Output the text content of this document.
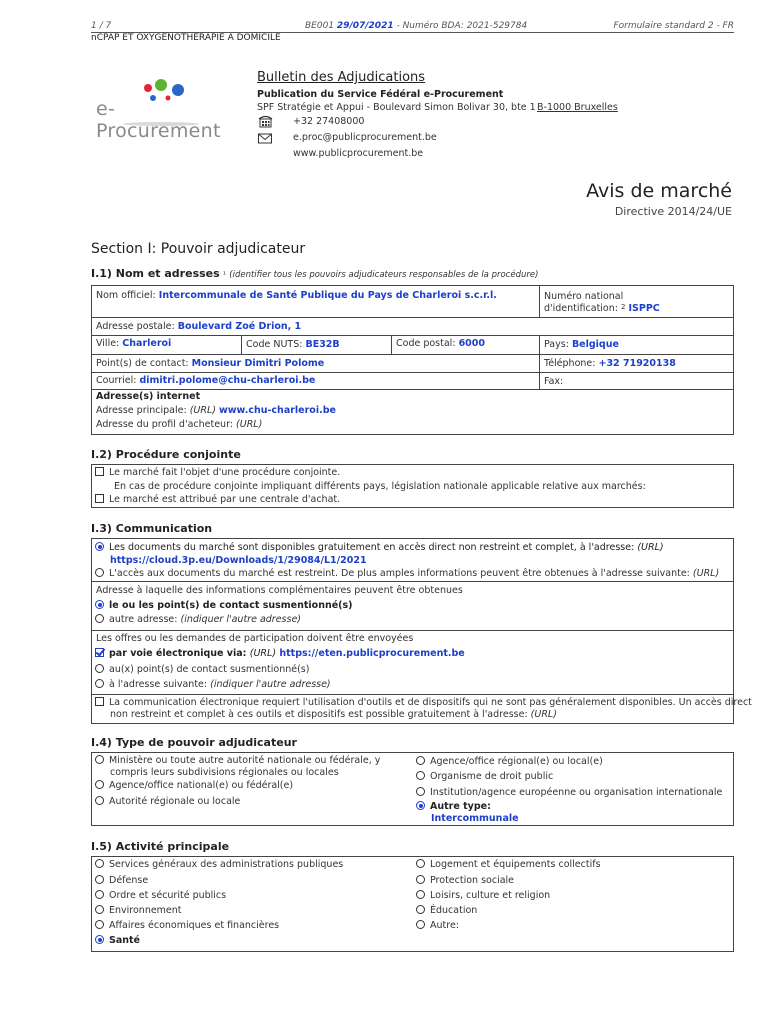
1 / 7	BE001 29/07/2021 - Numéro BDA: 2021-529784	Formulaire standard 2 - FR
nCPAP ET OXYGENOTHERAPIE A DOMICILE
e-Procurement
Bulletin des Adjudications
Publication du Service Fédéral e-Procurement
SPF Stratégie et Appui - Boulevard Simon Bolivar 30, bte 1 B-1000 Bruxelles
+32 27408000
e.proc@publicprocurement.be
www.publicprocurement.be
Avis de marché
Directive 2014/24/UE
Section I: Pouvoir adjudicateur
I.1) Nom et adresses ¹ (identifier tous les pouvoirs adjudicateurs responsables de la procédure)
Nom officiel: Intercommunale de Santé Publique du Pays de Charleroi s.c.r.l.	Numéro national
d'identification: $^2$ ISPPC
Adresse postale: Boulevard Zoé Drion, 1
Ville: Charleroi	Code NUTS: BE32B	Code postal: 6000	Pays: Belgique
Point(s) de contact: Monsieur Dimitri Polome	Téléphone: +32 71920138
Courriel: dimitri.polome@chu-charleroi.be	Fax:
Adresse(s) internet
Adresse principale: (URL) www.chu-charleroi.be
Adresse du profil d'acheteur: (URL)
I.2) Procédure conjointe
Le marché fait l'objet d'une procédure conjointe.
En cas de procédure conjointe impliquant différents pays, législation nationale applicable relative aux marchés:
Le marché est attribué par une centrale d'achat.
I.3) Communication
Les documents du marché sont disponibles gratuitement en accès direct non restreint et complet, à l'adresse: (URL)
https://cloud.3p.eu/Downloads/1/29084/L1/2021
L'accès aux documents du marché est restreint. De plus amples informations peuvent être obtenues à l'adresse suivante: (URL)
Adresse à laquelle des informations complémentaires peuvent être obtenues
le ou les point(s) de contact susmentionné(s)
autre adresse: (indiquer l'autre adresse)
Les offres ou les demandes de participation doivent être envoyées
par voie électronique via: (URL) https://eten.publicprocurement.be
au(x) point(s) de contact susmentionné(s)
à l'adresse suivante: (indiquer l'autre adresse)
La communication électronique requiert l'utilisation d'outils et de dispositifs qui ne sont pas généralement disponibles. Un accès direct
non restreint et complet à ces outils et dispositifs est possible gratuitement à l'adresse: (URL)
I.4) Type de pouvoir adjudicateur
Ministère ou toute autre autorité nationale ou fédérale, y
compris leurs subdivisions régionales ou locales
Agence/office national(e) ou fédéral(e)
Autorité régionale ou locale
Agence/office régional(e) ou local(e)
Organisme de droit public
Institution/agence européenne ou organisation internationale
Autre type:
Intercommunale
I.5) Activité principale
Services généraux des administrations publiques
Défense
Ordre et sécurité publics
Environnement
Affaires économiques et financières
Santé
Logement et équipements collectifs
Protection sociale
Loisirs, culture et religion
Éducation
Autre:
